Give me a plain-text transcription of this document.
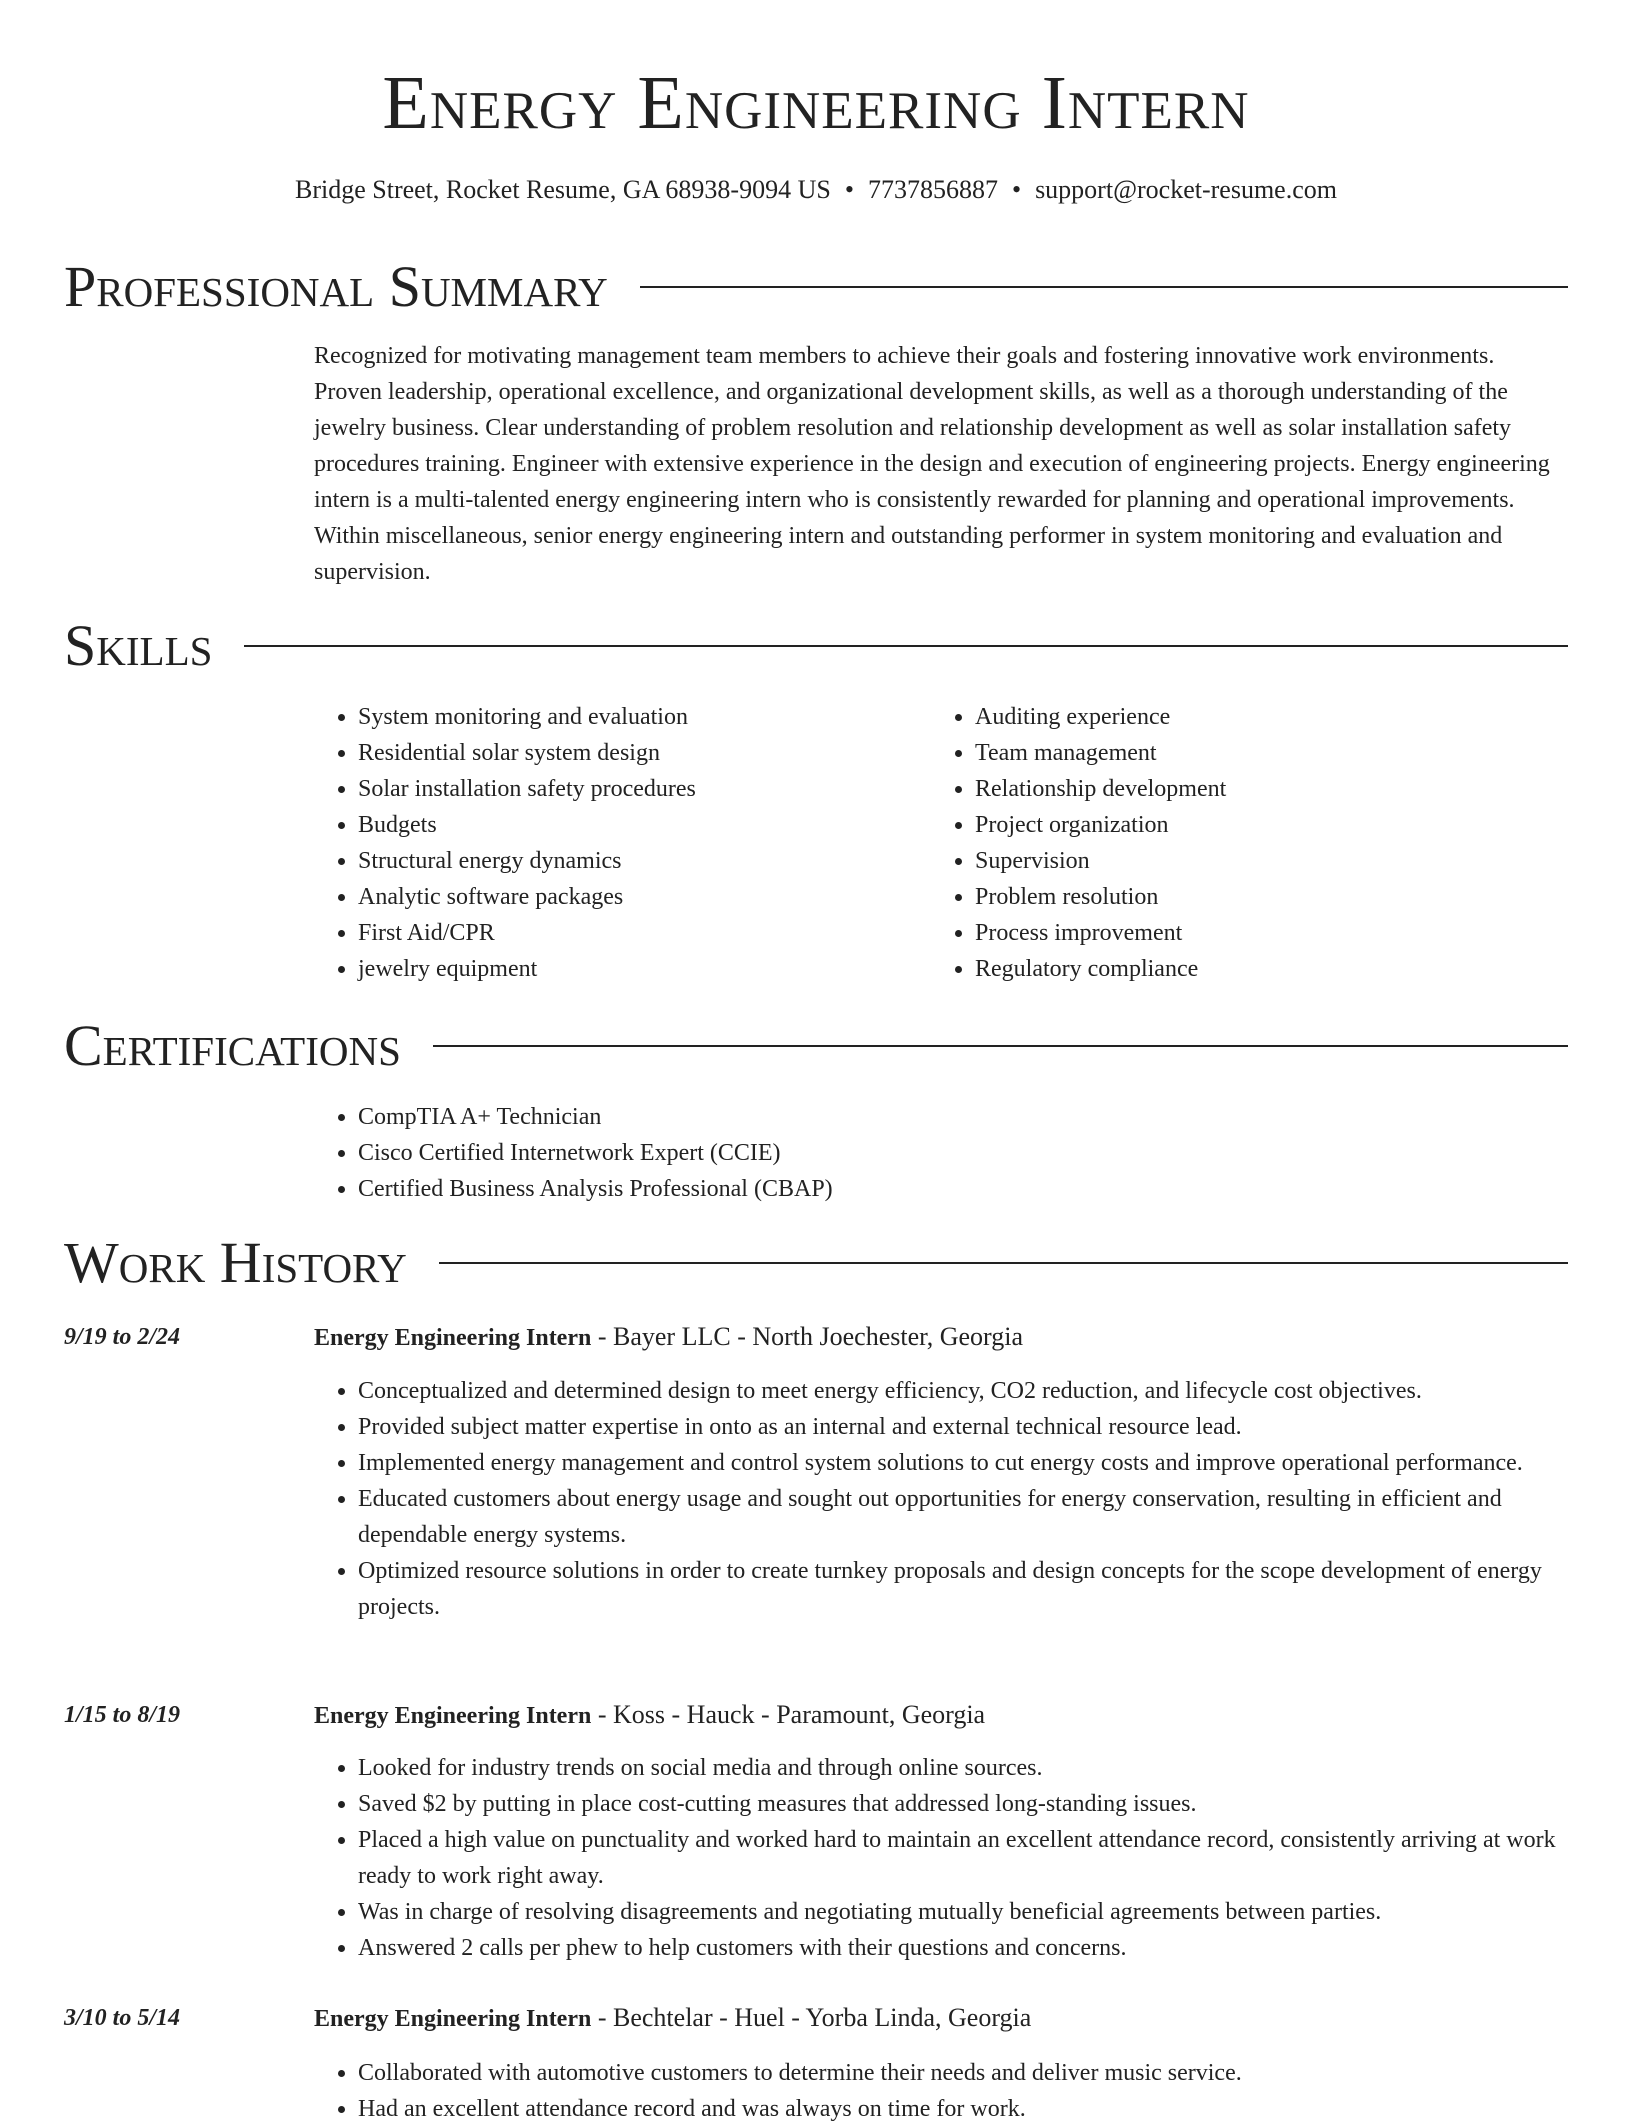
Energy Engineering Intern
Bridge Street, Rocket Resume, GA 68938-9094 US • 7737856887 • support@rocket-resume.com
Professional Summary

Recognized for motivating management team members to achieve their goals and fostering innovative work environments. Proven leadership, operational excellence, and organizational development skills, as well as a thorough understanding of the jewelry business. Clear understanding of problem resolution and relationship development as well as solar installation safety procedures training. Engineer with extensive experience in the design and execution of engineering projects. Energy engineering intern is a multi-talented energy engineering intern who is consistently rewarded for planning and operational improvements. Within miscellaneous, senior energy engineering intern and outstanding performer in system monitoring and evaluation and supervision.

Skills
• System monitoring and evaluation
• Residential solar system design
• Solar installation safety procedures
• Budgets
• Structural energy dynamics
• Analytic software packages
• First Aid/CPR
• jewelry equipment
• Auditing experience
• Team management
• Relationship development
• Project organization
• Supervision
• Problem resolution
• Process improvement
• Regulatory compliance
Certifications
• CompTIA A+ Technician
• Cisco Certified Internetwork Expert (CCIE)
• Certified Business Analysis Professional (CBAP)
Work History
9/19 to 2/24	Energy Engineering Intern - Bayer LLC - North Joechester, Georgia
• Conceptualized and determined design to meet energy efficiency, CO2 reduction, and lifecycle cost objectives.
• Provided subject matter expertise in onto as an internal and external technical resource lead.
• Implemented energy management and control system solutions to cut energy costs and improve operational performance.
• Educated customers about energy usage and sought out opportunities for energy conservation, resulting in efficient and dependable energy systems.
• Optimized resource solutions in order to create turnkey proposals and design concepts for the scope development of energy projects.
1/15 to 8/19	Energy Engineering Intern - Koss - Hauck - Paramount, Georgia
• Looked for industry trends on social media and through online sources.
• Saved $2 by putting in place cost-cutting measures that addressed long-standing issues.
• Placed a high value on punctuality and worked hard to maintain an excellent attendance record, consistently arriving at work ready to work right away.
• Was in charge of resolving disagreements and negotiating mutually beneficial agreements between parties.
• Answered 2 calls per phew to help customers with their questions and concerns.
3/10 to 5/14	Energy Engineering Intern - Bechtelar - Huel - Yorba Linda, Georgia
• Collaborated with automotive customers to determine their needs and deliver music service.
• Had an excellent attendance record and was always on time for work.
